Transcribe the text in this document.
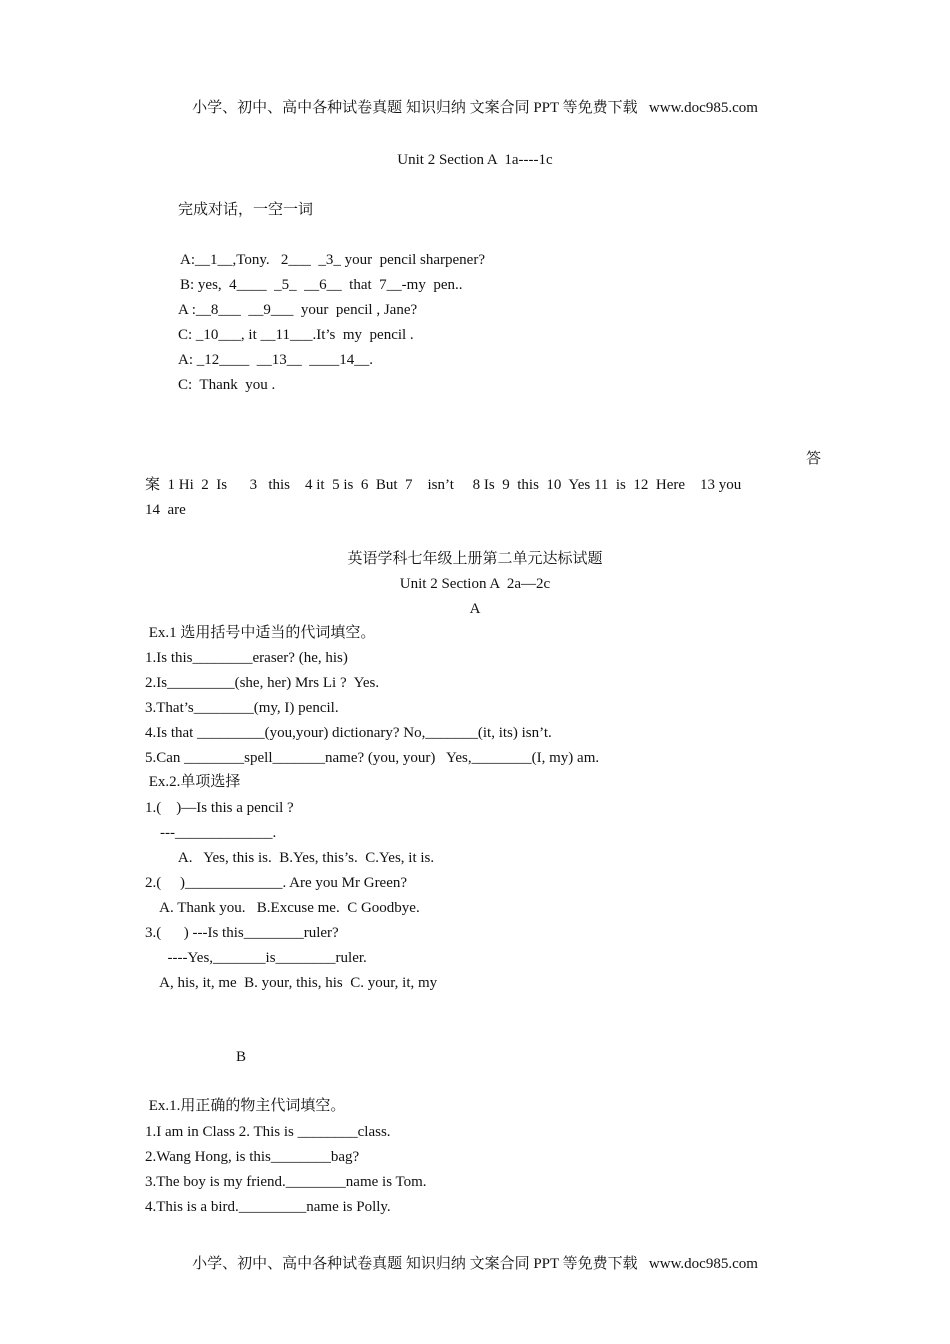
小学、初中、高中各种试卷真题 知识归纳 文案合同 PPT 等免费下载   www.doc985.com
Unit 2 Section A  1a----1c
完成对话，一空一词
A:__1__,Tony.   2___  _3_ your  pencil sharpener?
B: yes,  4____  _5_  __6__  that  7__-my  pen..
A :__8___  __9___  your  pencil , Jane?
C: _10___, it __11___.It’s  my  pencil .
A: _12____  __13__  ____14__.
C:  Thank  you .
答
案  1 Hi  2  Is      3   this    4 it  5 is  6  But  7    isn’t     8 Is  9  this  10  Yes 11  is  12  Here    13 you
14  are
英语学科七年级上册第二单元达标试题
Unit 2 Section A  2a—2c
A
Ex.1 选用括号中适当的代词填空。
1.Is this________eraser? (he, his)
2.Is_________(she, her) Mrs Li ?  Yes.
3.That’s________(my, I) pencil.
4.Is that _________(you,your) dictionary? No,_______(it, its) isn’t.
5.Can ________spell_______name? (you, your)   Yes,________(I, my) am.
Ex.2.单项选择
1.(    )—Is this a pencil ?
---_____________.
A.   Yes, this is.  B.Yes, this’s.  C.Yes, it is.
2.(     )_____________. Are you Mr Green?
A. Thank you.   B.Excuse me.  C Goodbye.
3.(      ) ---Is this________ruler?
----Yes,_______is________ruler.
A, his, it, me  B. your, this, his  C. your, it, my
B
Ex.1.用正确的物主代词填空。
1.I am in Class 2. This is ________class.
2.Wang Hong, is this________bag?
3.The boy is my friend.________name is Tom.
4.This is a bird._________name is Polly.
小学、初中、高中各种试卷真题 知识归纳 文案合同 PPT 等免费下载   www.doc985.com
